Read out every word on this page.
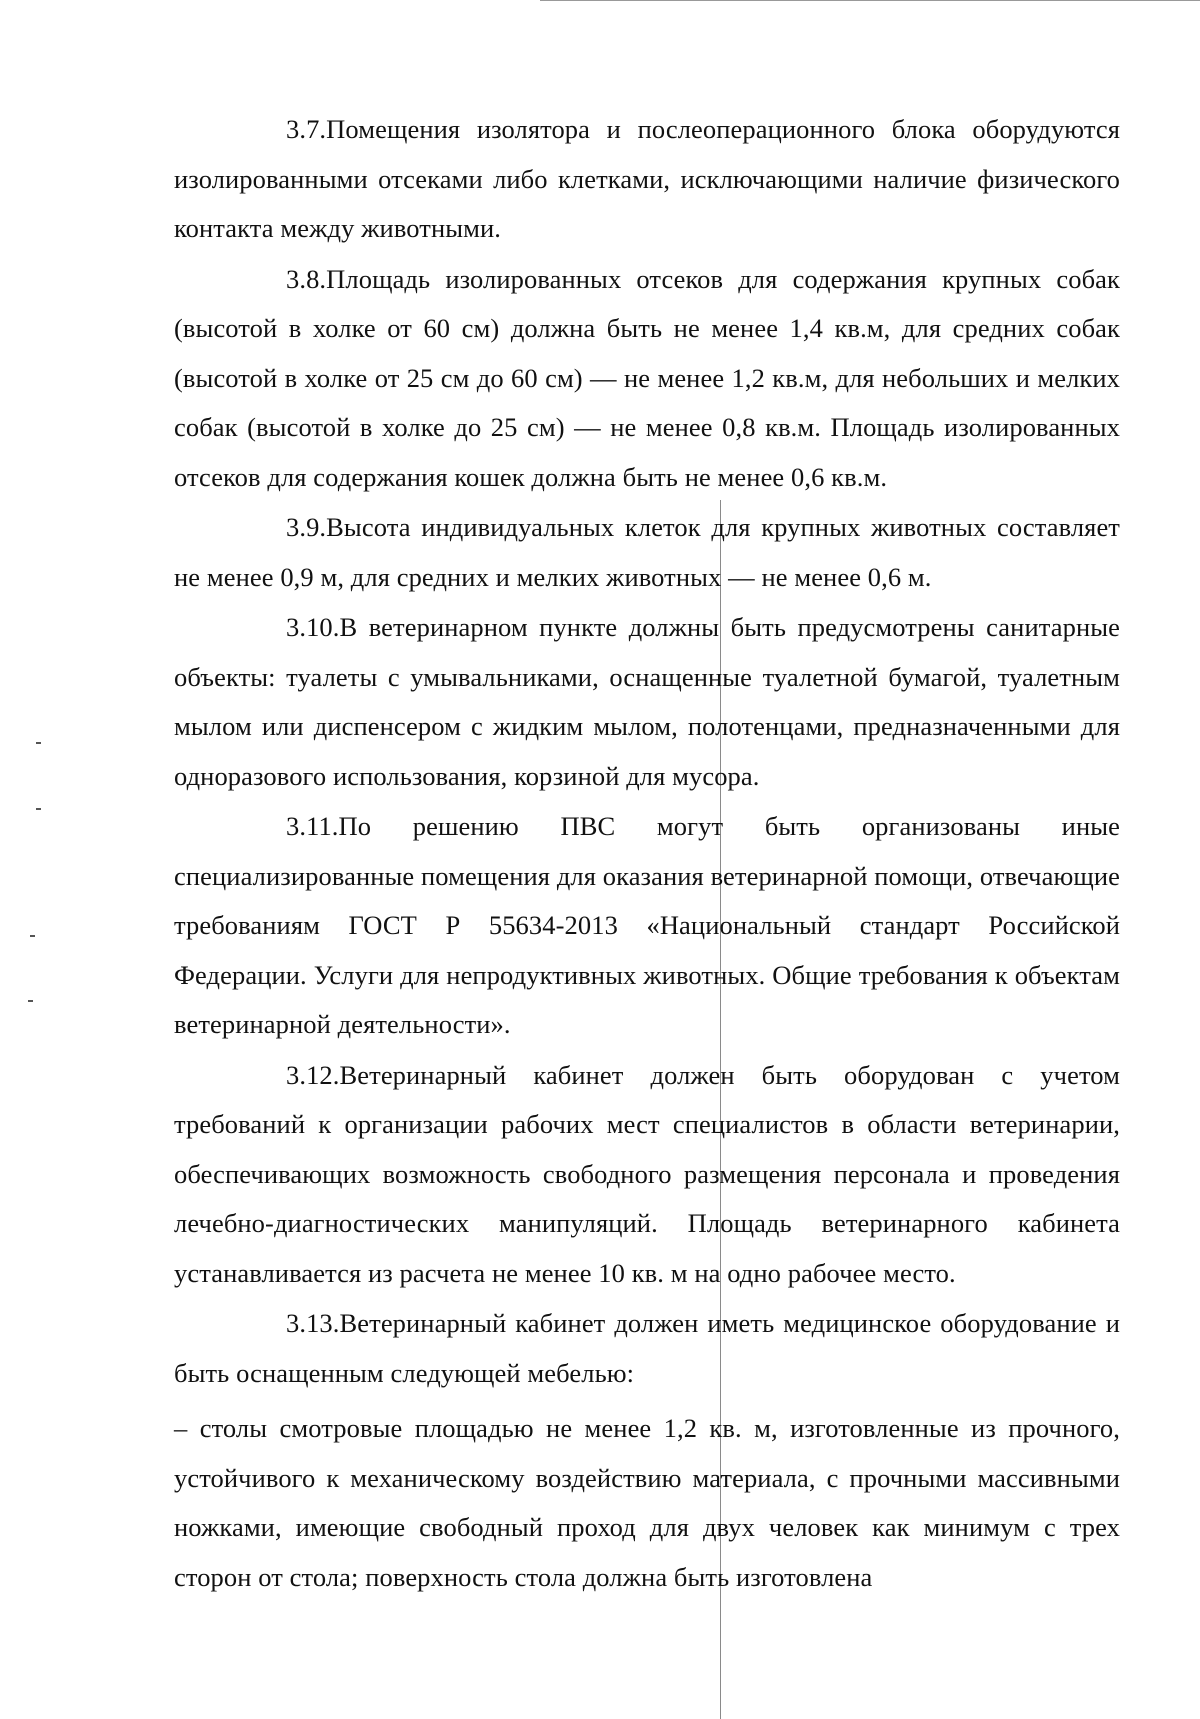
3.7.Помещения изолятора и послеоперационного блока оборудуются изолированными отсеками либо клетками, исключающими наличие физического контакта между животными.

3.8.Площадь изолированных отсеков для содержания крупных собак (высотой в холке от 60 см) должна быть не менее 1,4 кв.м, для средних собак (высотой в холке от 25 см до 60 см) — не менее 1,2 кв.м, для небольших и мелких собак (высотой в холке до 25 см) — не менее 0,8 кв.м. Площадь изолированных отсеков для содержания кошек должна быть не менее 0,6 кв.м.

3.9.Высота индивидуальных клеток для крупных животных составляет не менее 0,9 м, для средних и мелких животных — не менее 0,6 м.

3.10.В ветеринарном пункте должны быть предусмотрены санитарные объекты: туалеты с умывальниками, оснащенные туалетной бумагой, туалетным мылом или диспенсером с жидким мылом, полотенцами, предназначенными для одноразового использования, корзиной для мусора.

3.11.По решению ПВС могут быть организованы иные специализированные помещения для оказания ветеринарной помощи, отвечающие требованиям ГОСТ Р 55634-2013 «Национальный стандарт Российской Федерации. Услуги для непродуктивных животных. Общие требования к объектам ветеринарной деятельности».

3.12.Ветеринарный кабинет должен быть оборудован с учетом требований к организации рабочих мест специалистов в области ветеринарии, обеспечивающих возможность свободного размещения персонала и проведения лечебно-диагностических манипуляций. Площадь ветеринарного кабинета устанавливается из расчета не менее 10 кв. м на одно рабочее место.

3.13.Ветеринарный кабинет должен иметь медицинское оборудование и быть оснащенным следующей мебелью:

– столы смотровые площадью не менее 1,2 кв. м, изготовленные из прочного, устойчивого к механическому воздействию материала, с прочными массивными ножками, имеющие свободный проход для двух человек как минимум с трех сторон от стола; поверхность стола должна быть изготовлена
